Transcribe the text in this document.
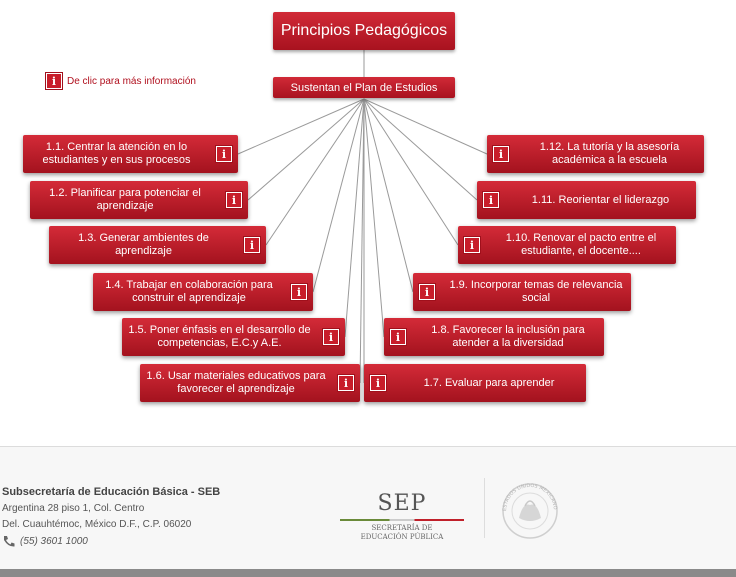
Principios Pedagógicos
Sustentan el Plan de Estudios
i	De clic para más información
1.1. Centrar la atención en lo estudiantes y en sus procesos	i
1.2. Planificar para potenciar el aprendizaje	i
1.3. Generar ambientes de aprendizaje	i
1.4. Trabajar en colaboración para construir el aprendizaje	i
1.5. Poner énfasis en el desarrollo de competencias, E.C.y A.E.	i
1.6. Usar materiales educativos para favorecer el aprendizaje	i
i
1.12. La tutoría y la asesoría académica a la escuela
i	1.11. Reorientar el liderazgo
i
1.10. Renovar el pacto entre el estudiante, el docente....
i
1.9. Incorporar temas de relevancia social
i
1.8. Favorecer la inclusión para atender a la diversidad
i	1.7. Evaluar para aprender
Subsecretaría de Educación Básica - SEB
Argentina 28 piso 1, Col. Centro
Del. Cuauhtémoc, México D.F., C.P. 06020
(55) 3601 1000
SEP
SECRETARÍA DE
EDUCACIÓN PÚBLICA
ESTADOS UNIDOS MEXICANO
